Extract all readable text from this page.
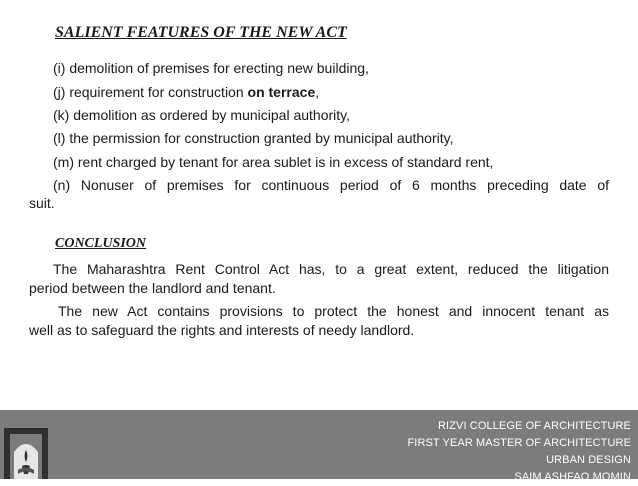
SALIENT FEATURES OF THE NEW ACT

(i) demolition of premises for erecting new building,

(j) requirement for construction on terrace,

(k) demolition as ordered by municipal authority,

(l) the permission for construction granted by municipal authority,

(m) rent charged by tenant for area sublet is in excess of standard rent,

(n) Nonuser of premises for continuous period of 6 months preceding date of

suit.

CONCLUSION

The Maharashtra Rent Control Act has, to a great extent, reduced the litigation

period between the landlord and tenant.

The new Act contains provisions to protect the honest and innocent tenant as

well as to safeguard the rights and interests of needy landlord.

RIZVI COLLEGE OF ARCHITECTURE
FIRST YEAR MASTER OF ARCHITECTURE
URBAN DESIGN
SAIM ASHFAQ MOMIN
